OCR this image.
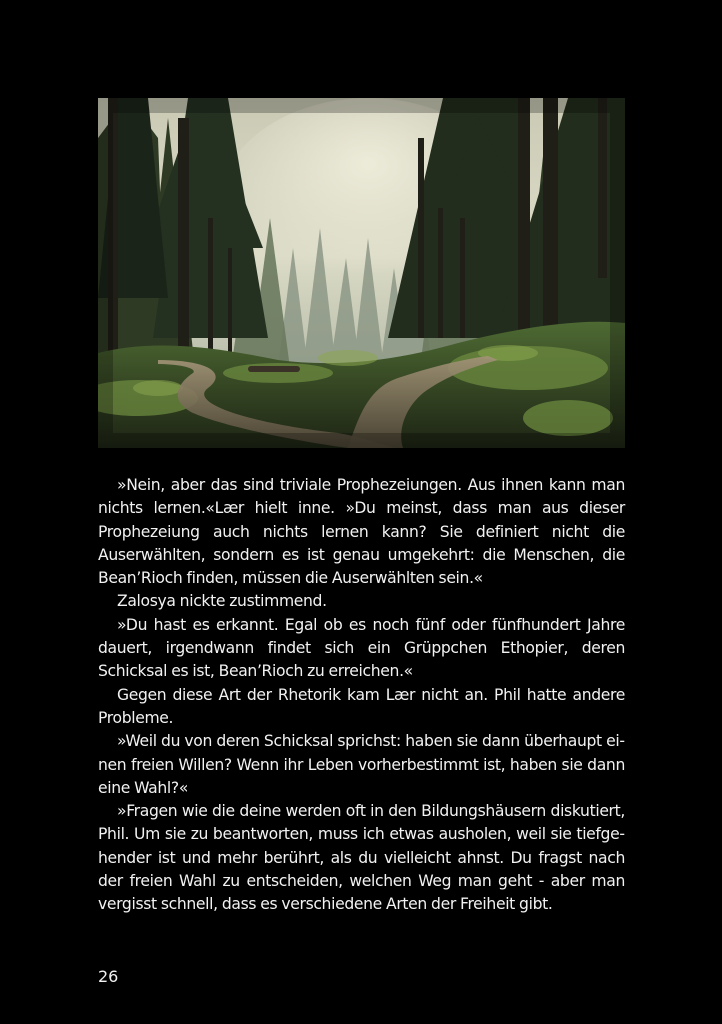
»Nein, aber das sind triviale Prophezeiungen. Aus ihnen kann man nichts lernen.«Lær hielt inne. »Du meinst, dass man aus dieser Prophezeiung auch nichts lernen kann? Sie definiert nicht die Auserwählten, sondern es ist genau umgekehrt: die Menschen, die Bean’Rioch finden, müssen die Auserwählten sein.«

Zalosya nickte zustimmend.

»Du hast es erkannt. Egal ob es noch fünf oder fünfhundert Jahre dauert, irgendwann findet sich ein Grüppchen Ethopier, deren Schicksal es ist, Bean’Rioch zu erreichen.«

Gegen diese Art der Rhetorik kam Lær nicht an. Phil hatte andere Probleme.

»Weil du von deren Schicksal sprichst: haben sie dann überhaupt einen freien Willen? Wenn ihr Leben vorherbestimmt ist, haben sie dann eine Wahl?«

»Fragen wie die deine werden oft in den Bildungshäusern diskutiert, Phil. Um sie zu beantworten, muss ich etwas ausholen, weil sie tiefgehender ist und mehr berührt, als du vielleicht ahnst. Du fragst nach der freien Wahl zu entscheiden, welchen Weg man geht - aber man vergisst schnell, dass es verschiedene Arten der Freiheit gibt.

26
